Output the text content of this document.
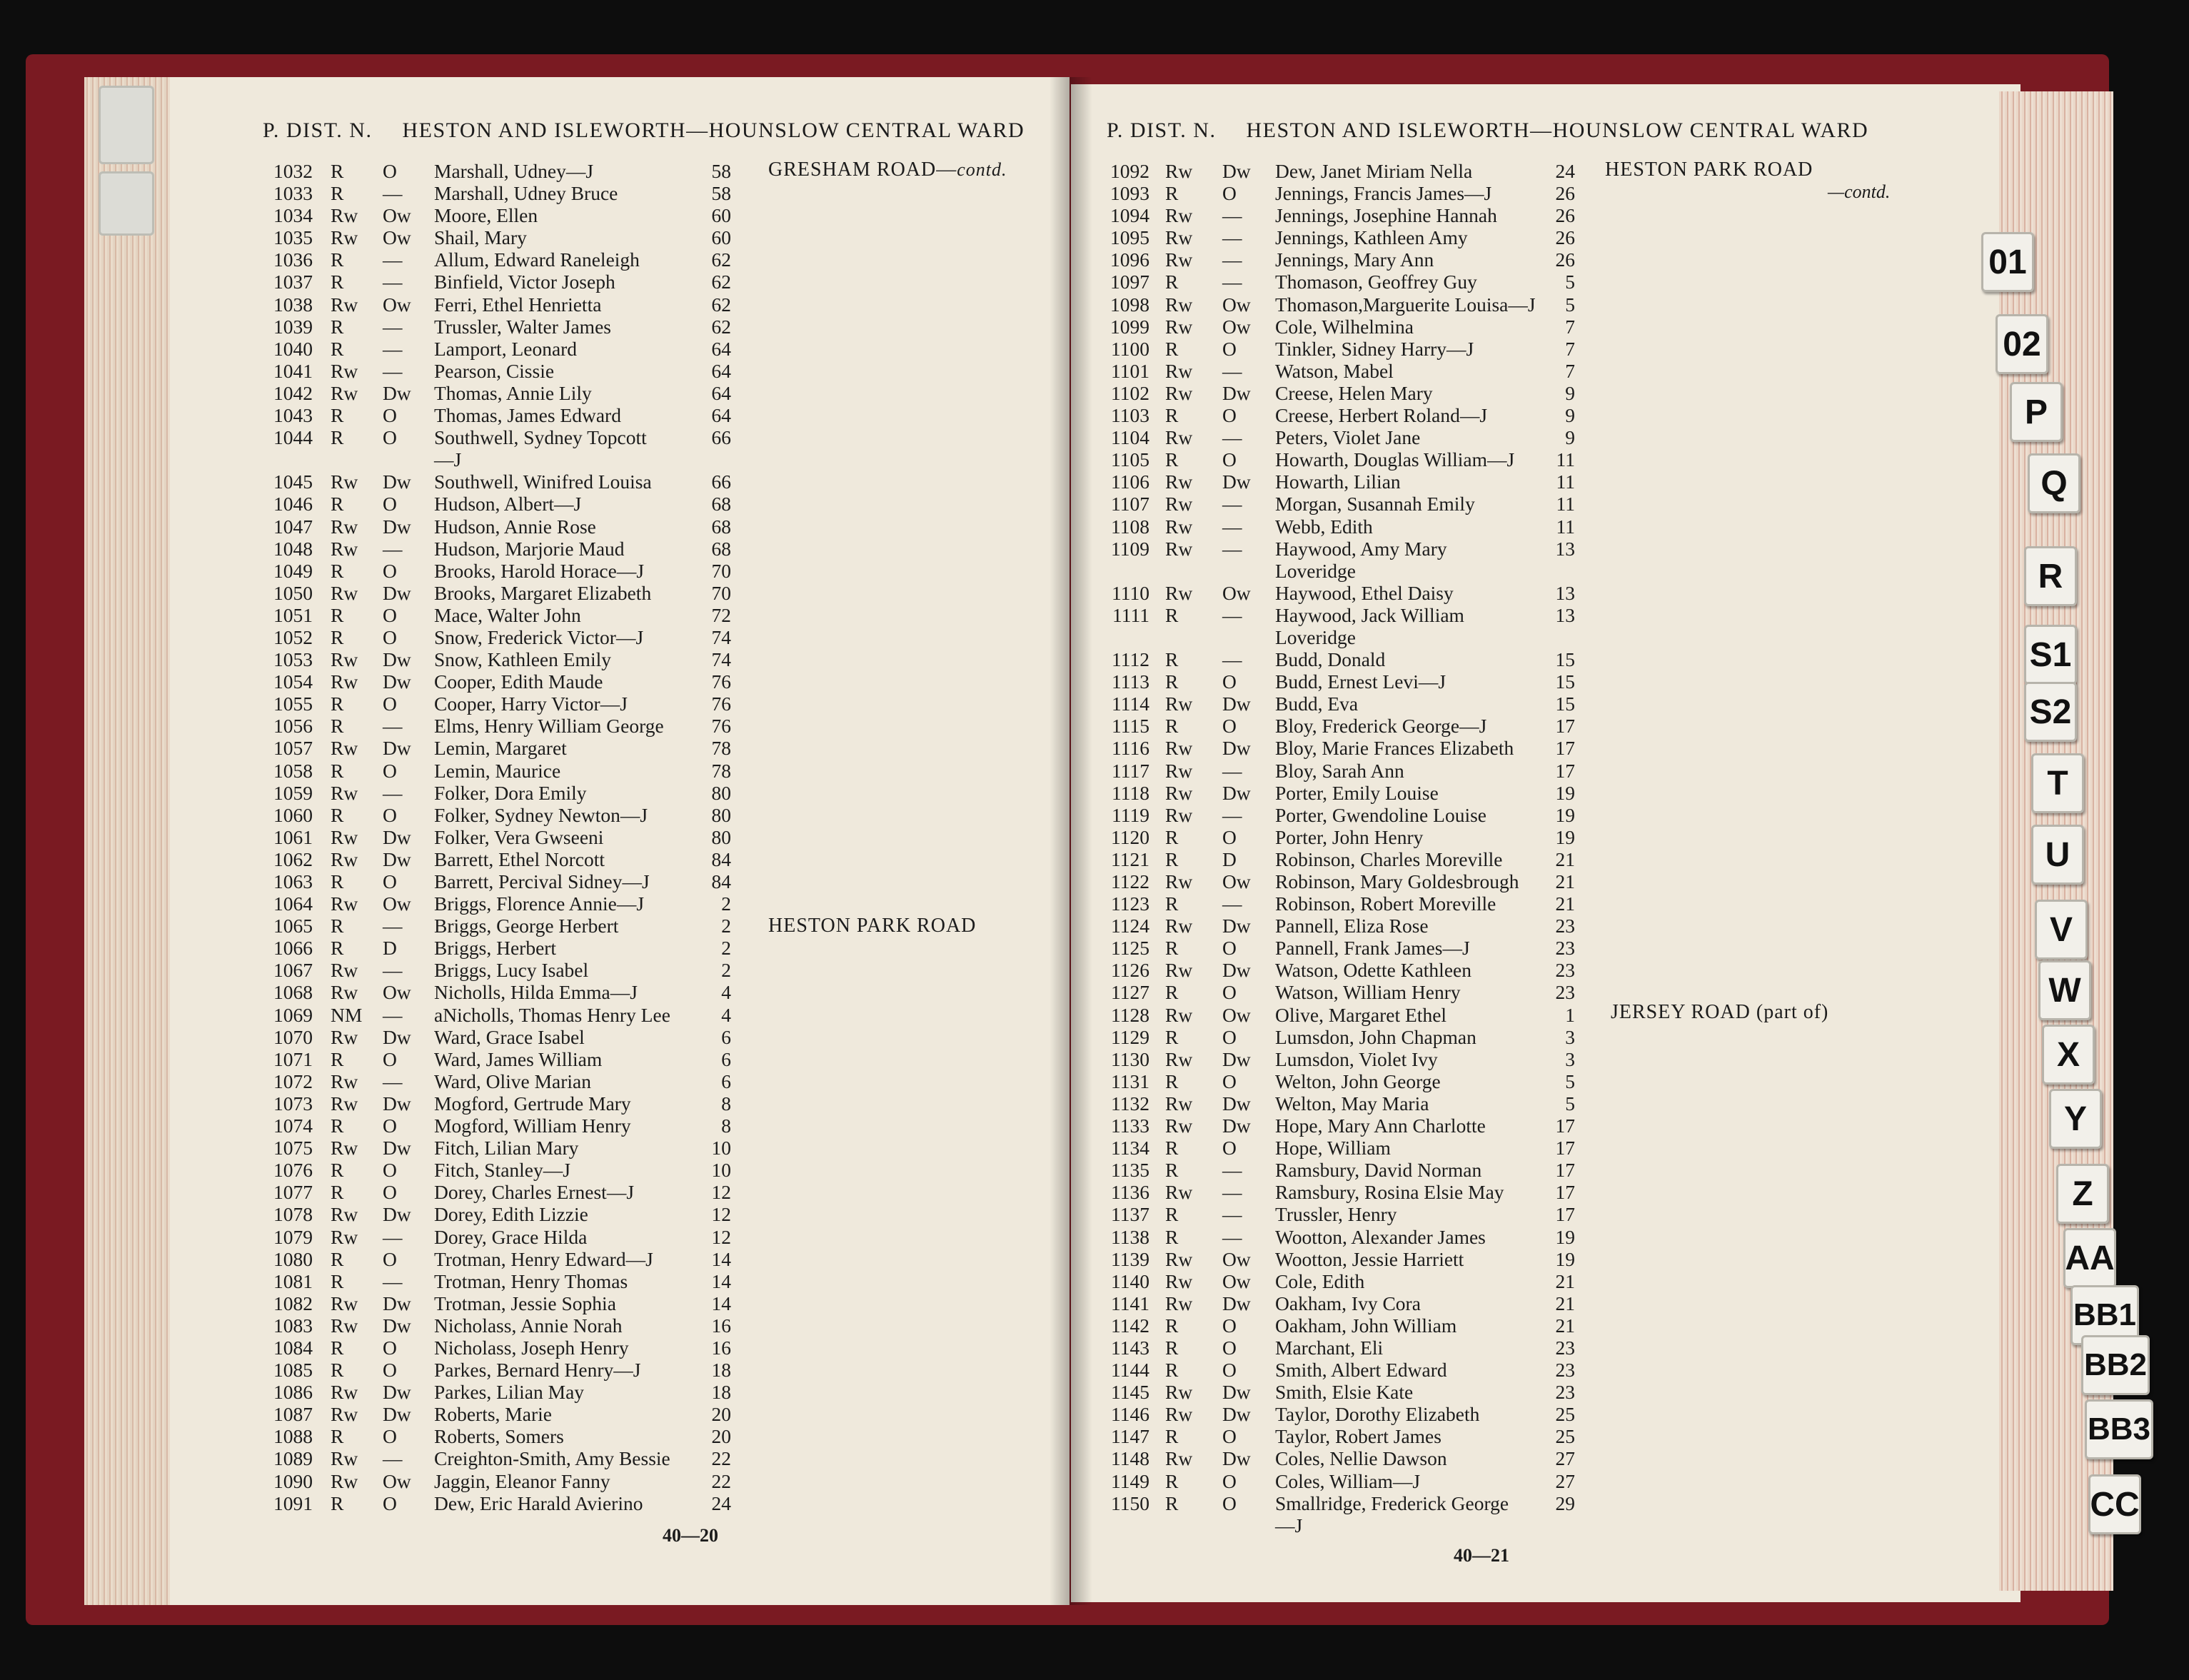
P. DIST. N. HESTON AND ISLEWORTH—HOUNSLOW CENTRAL WARD
1032 R O Marshall, Udney—J	58
1033 R — Marshall, Udney Bruce	58
1034 Rw Ow Moore, Ellen	60
1035 Rw Ow Shail, Mary	60
1036 R — Allum, Edward Raneleigh	62
1037 R — Binfield, Victor Joseph	62
1038 Rw Ow Ferri, Ethel Henrietta	62
1039 R — Trussler, Walter James	62
1040 R — Lamport, Leonard	64
1041 Rw — Pearson, Cissie	64
1042 Rw Dw Thomas, Annie Lily	64
1043 R O Thomas, James Edward	64
1044 R O Southwell, Sydney Topcott	66
—J
1045 Rw Dw Southwell, Winifred Louisa	66
1046 R O Hudson, Albert—J	68
1047 Rw Dw Hudson, Annie Rose	68
1048 Rw — Hudson, Marjorie Maud	68
1049 R O Brooks, Harold Horace—J	70
1050 Rw Dw Brooks, Margaret Elizabeth	70
1051 R O Mace, Walter John	72
1052 R O Snow, Frederick Victor—J	74
1053 Rw Dw Snow, Kathleen Emily	74
1054 Rw Dw Cooper, Edith Maude	76
1055 R O Cooper, Harry Victor—J	76
1056 R — Elms, Henry William George	76
1057 Rw Dw Lemin, Margaret	78
1058 R O Lemin, Maurice	78
1059 Rw — Folker, Dora Emily	80
1060 R O Folker, Sydney Newton—J	80
1061 Rw Dw Folker, Vera Gwseeni	80
1062 Rw Dw Barrett, Ethel Norcott	84
1063 R O Barrett, Percival Sidney—J	84
1064 Rw Ow Briggs, Florence Annie—J	2
1065 R — Briggs, George Herbert	2
1066 R D Briggs, Herbert	2
1067 Rw — Briggs, Lucy Isabel	2
1068 Rw Ow Nicholls, Hilda Emma—J	4
1069 NM — aNicholls, Thomas Henry Lee	4
1070 Rw Dw Ward, Grace Isabel	6
1071 R O Ward, James William	6
1072 Rw — Ward, Olive Marian	6
1073 Rw Dw Mogford, Gertrude Mary	8
1074 R O Mogford, William Henry	8
1075 Rw Dw Fitch, Lilian Mary	10
1076 R O Fitch, Stanley—J	10
1077 R O Dorey, Charles Ernest—J	12
1078 Rw Dw Dorey, Edith Lizzie	12
1079 Rw — Dorey, Grace Hilda	12
1080 R O Trotman, Henry Edward—J	14
1081 R — Trotman, Henry Thomas	14
1082 Rw Dw Trotman, Jessie Sophia	14
1083 Rw Dw Nicholass, Annie Norah	16
1084 R O Nicholass, Joseph Henry	16
1085 R O Parkes, Bernard Henry—J	18
1086 Rw Dw Parkes, Lilian May	18
1087 Rw Dw Roberts, Marie	20
1088 R O Roberts, Somers	20
1089 Rw — Creighton-Smith, Amy Bessie	22
1090 Rw Ow Jaggin, Eleanor Fanny	22
1091 R O Dew, Eric Harald Avierino	24
GRESHAM ROAD—contd.
HESTON PARK ROAD
40—20
P. DIST. N. HESTON AND ISLEWORTH—HOUNSLOW CENTRAL WARD
1092 Rw Dw Dew, Janet Miriam Nella	24
1093 R O Jennings, Francis James—J	26
1094 Rw — Jennings, Josephine Hannah	26
1095 Rw — Jennings, Kathleen Amy	26
1096 Rw — Jennings, Mary Ann	26
1097 R — Thomason, Geoffrey Guy	5
1098 Rw Ow Thomason,Marguerite Louisa—J	5
1099 Rw Ow Cole, Wilhelmina	7
1100 R O Tinkler, Sidney Harry—J	7
1101 Rw — Watson, Mabel	7
1102 Rw Dw Creese, Helen Mary	9
1103 R O Creese, Herbert Roland—J	9
1104 Rw — Peters, Violet Jane	9
1105 R O Howarth, Douglas William—J	11
1106 Rw Dw Howarth, Lilian	11
1107 Rw — Morgan, Susannah Emily	11
1108 Rw — Webb, Edith	11
1109 Rw — Haywood, Amy Mary	13
Loveridge
1110 Rw Ow Haywood, Ethel Daisy	13
1111 R — Haywood, Jack William	13
Loveridge
1112 R — Budd, Donald	15
1113 R O Budd, Ernest Levi—J	15
1114 Rw Dw Budd, Eva	15
1115 R O Bloy, Frederick George—J	17
1116 Rw Dw Bloy, Marie Frances Elizabeth	17
1117 Rw — Bloy, Sarah Ann	17
1118 Rw Dw Porter, Emily Louise	19
1119 Rw — Porter, Gwendoline Louise	19
1120 R O Porter, John Henry	19
1121 R D Robinson, Charles Moreville	21
1122 Rw Ow Robinson, Mary Goldesbrough	21
1123 R — Robinson, Robert Moreville	21
1124 Rw Dw Pannell, Eliza Rose	23
1125 R O Pannell, Frank James—J	23
1126 Rw Dw Watson, Odette Kathleen	23
1127 R O Watson, William Henry	23
1128 Rw Ow Olive, Margaret Ethel	1
1129 R O Lumsdon, John Chapman	3
1130 Rw Dw Lumsdon, Violet Ivy	3
1131 R O Welton, John George	5
1132 Rw Dw Welton, May Maria	5
1133 Rw Dw Hope, Mary Ann Charlotte	17
1134 R O Hope, William	17
1135 R — Ramsbury, David Norman	17
1136 Rw — Ramsbury, Rosina Elsie May	17
1137 R — Trussler, Henry	17
1138 R — Wootton, Alexander James	19
1139 Rw Ow Wootton, Jessie Harriett	19
1140 Rw Ow Cole, Edith	21
1141 Rw Dw Oakham, Ivy Cora	21
1142 R O Oakham, John William	21
1143 R O Marchant, Eli	23
1144 R O Smith, Albert Edward	23
1145 Rw Dw Smith, Elsie Kate	23
1146 Rw Dw Taylor, Dorothy Elizabeth	25
1147 R O Taylor, Robert James	25
1148 Rw Dw Coles, Nellie Dawson	27
1149 R O Coles, William—J	27
1150 R O Smallridge, Frederick George	29
—J
HESTON PARK ROAD
—contd.
JERSEY ROAD (part of)
40—21
01
02
P
Q
R
S1
S2
T
U
V
W
X
Y
Z
AA
BB1
BB2
BB3
CC
